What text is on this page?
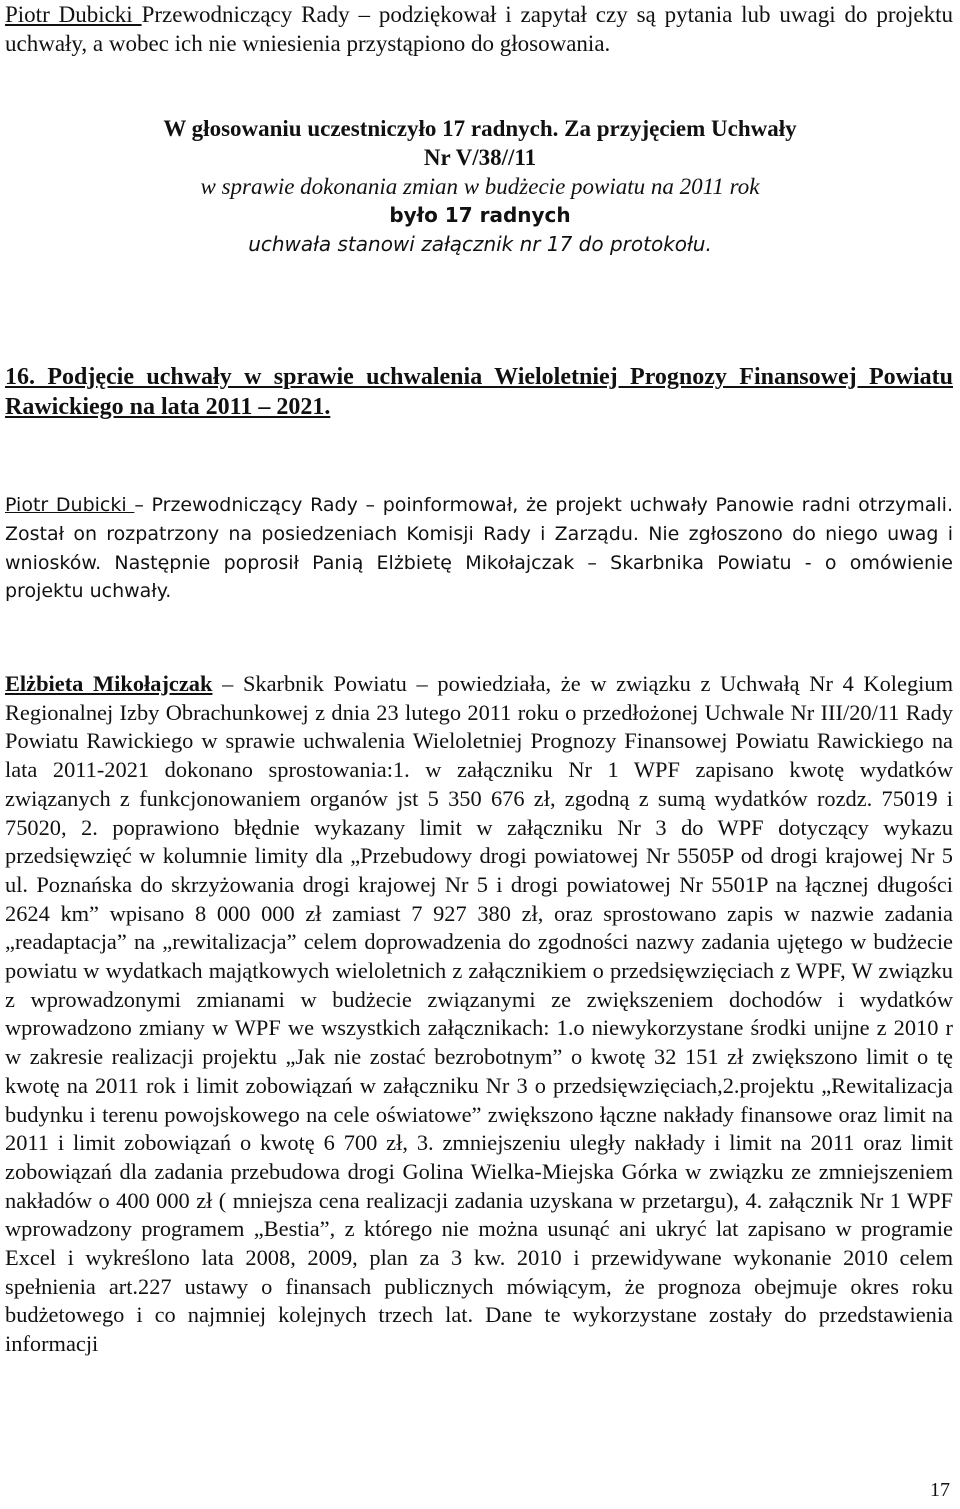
Piotr Dubicki Przewodniczący Rady – podziękował i zapytał czy są pytania lub uwagi do projektu uchwały, a wobec ich nie wniesienia przystąpiono do głosowania.
W głosowaniu uczestniczyło 17 radnych. Za przyjęciem Uchwały
Nr V/38//11
w sprawie dokonania zmian w budżecie powiatu na 2011 rok
było 17 radnych
uchwała stanowi załącznik nr 17 do protokołu.
16. Podjęcie uchwały w sprawie uchwalenia Wieloletniej Prognozy Finansowej Powiatu Rawickiego na lata 2011 – 2021.
Piotr Dubicki – Przewodniczący Rady – poinformował, że projekt uchwały Panowie radni otrzymali. Został on rozpatrzony na posiedzeniach Komisji Rady i Zarządu. Nie zgłoszono do niego uwag i wniosków. Następnie poprosił Panią Elżbietę Mikołajczak – Skarbnika Powiatu - o omówienie projektu uchwały.
Elżbieta Mikołajczak – Skarbnik Powiatu – powiedziała, że w związku z Uchwałą Nr 4 Kolegium Regionalnej Izby Obrachunkowej z dnia 23 lutego 2011 roku o przedłożonej Uchwale Nr III/20/11 Rady Powiatu Rawickiego w sprawie uchwalenia Wieloletniej Prognozy Finansowej Powiatu Rawickiego na lata 2011-2021 dokonano sprostowania:1. w załączniku Nr 1 WPF zapisano kwotę wydatków związanych z funkcjonowaniem organów jst 5 350 676 zł, zgodną z sumą wydatków rozdz. 75019 i 75020, 2. poprawiono błędnie wykazany limit w załączniku Nr 3 do WPF dotyczący wykazu przedsięwzięć w kolumnie limity dla „Przebudowy drogi powiatowej Nr 5505P od drogi krajowej Nr 5 ul. Poznańska do skrzyżowania drogi krajowej Nr 5 i drogi powiatowej Nr 5501P na łącznej długości 2624 km” wpisano 8 000 000 zł zamiast 7 927 380 zł, oraz sprostowano zapis w nazwie zadania „readaptacja” na „rewitalizacja” celem doprowadzenia do zgodności nazwy zadania ujętego w budżecie powiatu w wydatkach majątkowych wieloletnich z załącznikiem o przedsięwzięciach z WPF, W związku z wprowadzonymi zmianami w budżecie związanymi ze zwiększeniem dochodów i wydatków wprowadzono zmiany w WPF we wszystkich załącznikach: 1.o niewykorzystane środki unijne z 2010 r w zakresie realizacji projektu „Jak nie zostać bezrobotnym” o kwotę 32 151 zł zwiększono limit o tę kwotę na 2011 rok i limit zobowiązań w załączniku Nr 3 o przedsięwzięciach,2.projektu „Rewitalizacja budynku i terenu powojskowego na cele oświatowe” zwiększono łączne nakłady finansowe oraz limit na 2011 i limit zobowiązań o kwotę 6 700 zł, 3. zmniejszeniu uległy nakłady i limit na 2011 oraz limit zobowiązań dla zadania przebudowa drogi Golina Wielka-Miejska Górka w związku ze zmniejszeniem nakładów o 400 000 zł ( mniejsza cena realizacji zadania uzyskana w przetargu), 4. załącznik Nr 1 WPF wprowadzony programem „Bestia”, z którego nie można usunąć ani ukryć lat zapisano w programie Excel i wykreślono lata 2008, 2009, plan za 3 kw. 2010 i przewidywane wykonanie 2010 celem spełnienia art.227 ustawy o finansach publicznych mówiącym, że prognoza obejmuje okres roku budżetowego i co najmniej kolejnych trzech lat. Dane te wykorzystane zostały do przedstawienia informacji
17
